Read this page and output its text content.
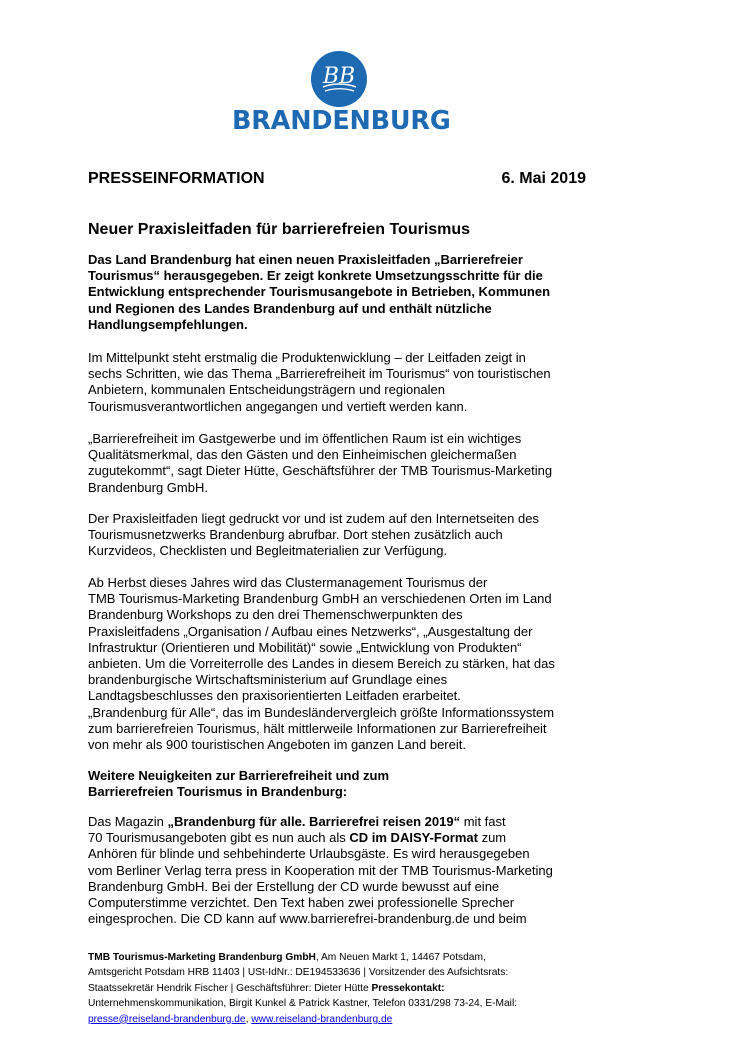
BB
BRANDENBURG
PRESSEINFORMATION	6. Mai 2019
Neuer Praxisleitfaden für barrierefreien Tourismus
Das Land Brandenburg hat einen neuen Praxisleitfaden „Barrierefreier
Tourismus“ herausgegeben. Er zeigt konkrete Umsetzungsschritte für die
Entwicklung entsprechender Tourismusangebote in Betrieben, Kommunen
und Regionen des Landes Brandenburg auf und enthält nützliche
Handlungsempfehlungen.
Im Mittelpunkt steht erstmalig die Produktenwicklung – der Leitfaden zeigt in
sechs Schritten, wie das Thema „Barrierefreiheit im Tourismus“ von touristischen
Anbietern, kommunalen Entscheidungsträgern und regionalen
Tourismusverantwortlichen angegangen und vertieft werden kann.
„Barrierefreiheit im Gastgewerbe und im öffentlichen Raum ist ein wichtiges
Qualitätsmerkmal, das den Gästen und den Einheimischen gleichermaßen
zugutekommt“, sagt Dieter Hütte, Geschäftsführer der TMB Tourismus-Marketing
Brandenburg GmbH.
Der Praxisleitfaden liegt gedruckt vor und ist zudem auf den Internetseiten des
Tourismusnetzwerks Brandenburg abrufbar. Dort stehen zusätzlich auch
Kurzvideos, Checklisten und Begleitmaterialien zur Verfügung.
Ab Herbst dieses Jahres wird das Clustermanagement Tourismus der
TMB Tourismus-Marketing Brandenburg GmbH an verschiedenen Orten im Land
Brandenburg Workshops zu den drei Themenschwerpunkten des
Praxisleitfadens „Organisation / Aufbau eines Netzwerks“, „Ausgestaltung der
Infrastruktur (Orientieren und Mobilität)“ sowie „Entwicklung von Produkten“
anbieten. Um die Vorreiterrolle des Landes in diesem Bereich zu stärken, hat das
brandenburgische Wirtschaftsministerium auf Grundlage eines
Landtagsbeschlusses den praxisorientierten Leitfaden erarbeitet.
„Brandenburg für Alle“, das im Bundesländervergleich größte Informationssystem
zum barrierefreien Tourismus, hält mittlerweile Informationen zur Barrierefreiheit
von mehr als 900 touristischen Angeboten im ganzen Land bereit.
Weitere Neuigkeiten zur Barrierefreiheit und zum
Barrierefreien Tourismus in Brandenburg:
Das Magazin „Brandenburg für alle. Barrierefrei reisen 2019“ mit fast
70 Tourismusangeboten gibt es nun auch als CD im DAISY-Format zum
Anhören für blinde und sehbehinderte Urlaubsgäste. Es wird herausgegeben
vom Berliner Verlag terra press in Kooperation mit der TMB Tourismus-Marketing
Brandenburg GmbH. Bei der Erstellung der CD wurde bewusst auf eine
Computerstimme verzichtet. Den Text haben zwei professionelle Sprecher
eingesprochen. Die CD kann auf www.barrierefrei-brandenburg.de und beim
TMB Tourismus-Marketing Brandenburg GmbH, Am Neuen Markt 1, 14467 Potsdam,
Amtsgericht Potsdam HRB 11403 | USt-IdNr.: DE194533636 | Vorsitzender des Aufsichtsrats:
Staatssekretär Hendrik Fischer | Geschäftsführer: Dieter Hütte Pressekontakt:
Unternehmenskommunikation, Birgit Kunkel & Patrick Kastner, Telefon 0331/298 73-24, E-Mail:
presse@reiseland-brandenburg.de, www.reiseland-brandenburg.de
